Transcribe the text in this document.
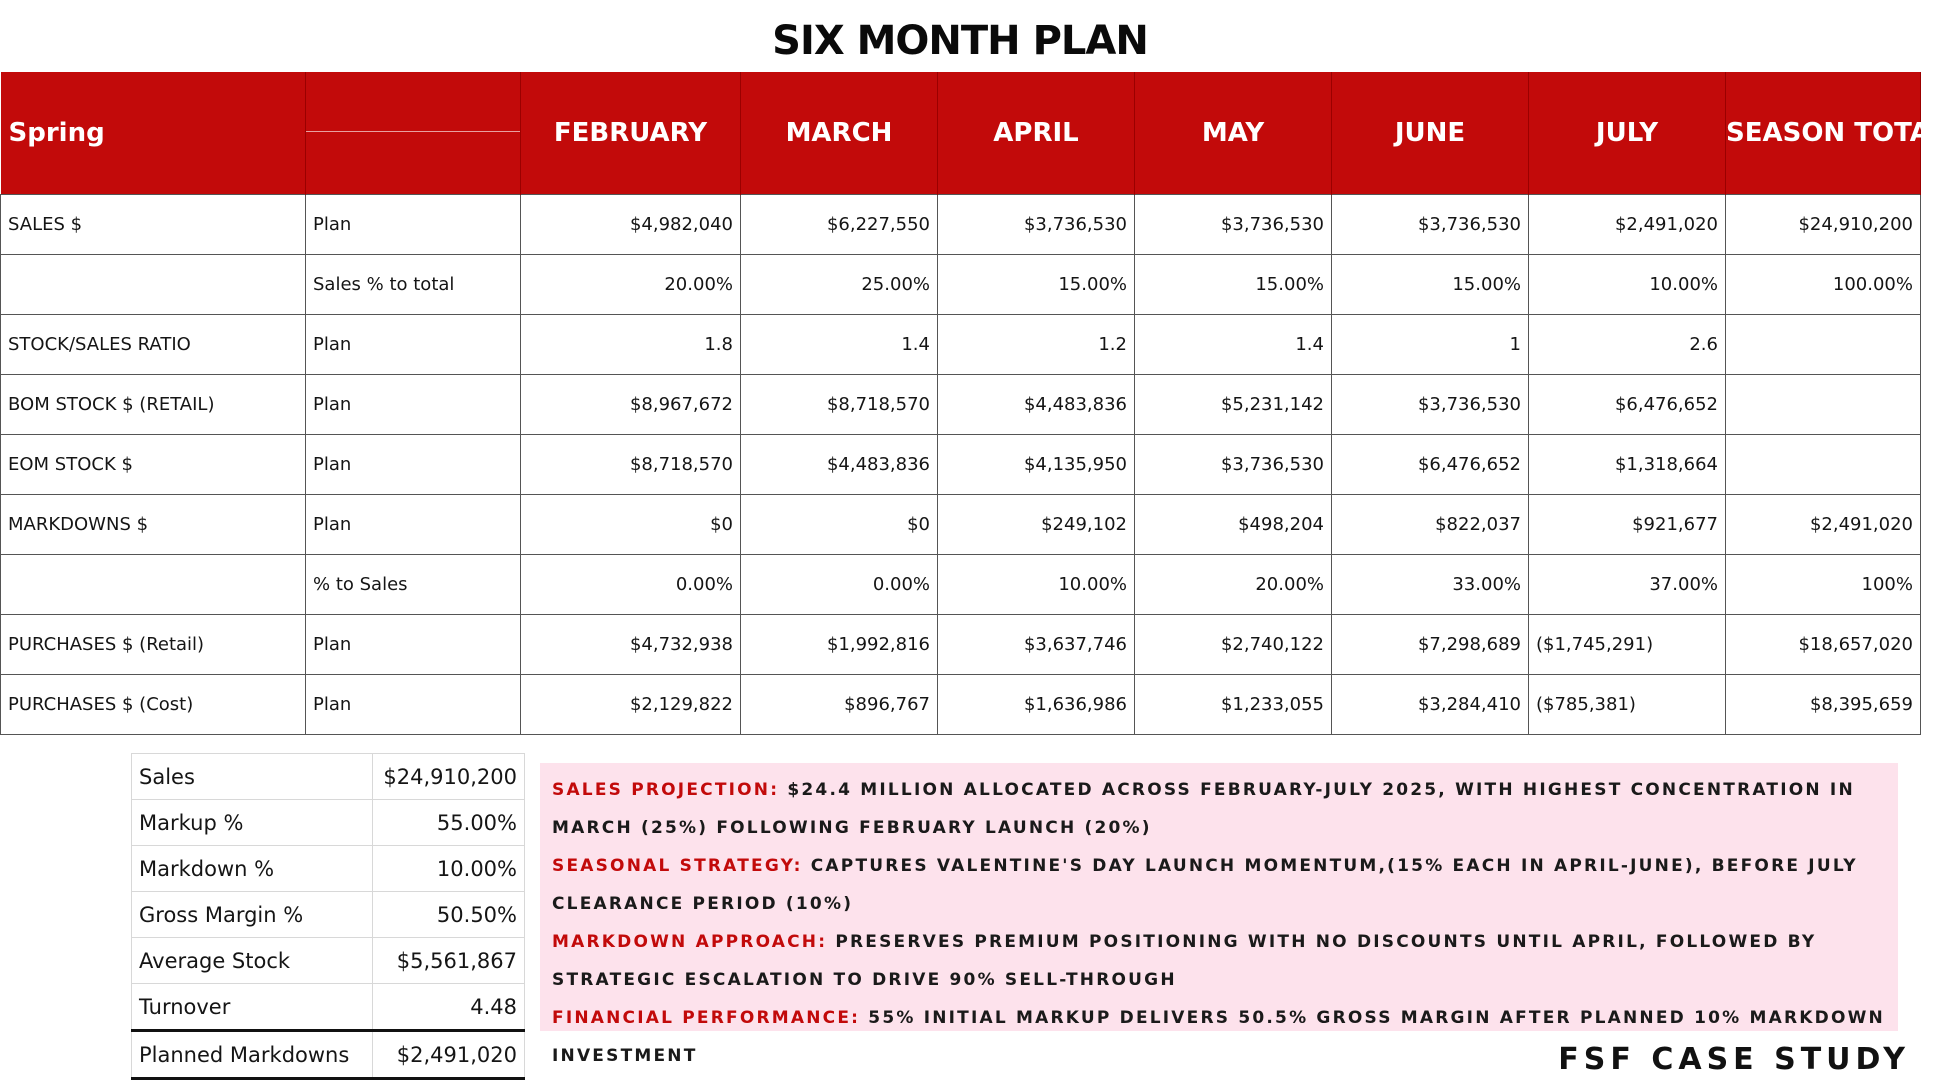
SIX MONTH PLAN
Spring		FEBRUARY	MARCH	APRIL	MAY	JUNE	JULY	SEASON TOTAL
SALES $	Plan	$4,982,040	$6,227,550	$3,736,530	$3,736,530	$3,736,530	$2,491,020	$24,910,200
	Sales % to total	20.00%	25.00%	15.00%	15.00%	15.00%	10.00%	100.00%
STOCK/SALES RATIO	Plan	1.8	1.4	1.2	1.4	1	2.6	
BOM STOCK $ (RETAIL)	Plan	$8,967,672	$8,718,570	$4,483,836	$5,231,142	$3,736,530	$6,476,652	
EOM STOCK $	Plan	$8,718,570	$4,483,836	$4,135,950	$3,736,530	$6,476,652	$1,318,664	
MARKDOWNS $	Plan	$0	$0	$249,102	$498,204	$822,037	$921,677	$2,491,020
	% to Sales	0.00%	0.00%	10.00%	20.00%	33.00%	37.00%	100%
PURCHASES $ (Retail)	Plan	$4,732,938	$1,992,816	$3,637,746	$2,740,122	$7,298,689	($1,745,291)	$18,657,020
PURCHASES $ (Cost)	Plan	$2,129,822	$896,767	$1,636,986	$1,233,055	$3,284,410	($785,381)	$8,395,659
Sales	$24,910,200
Markup %	55.00%
Markdown %	10.00%
Gross Margin %	50.50%
Average Stock	$5,561,867
Turnover	4.48
Planned Markdowns	$2,491,020

SALES PROJECTION: $24.4 MILLION ALLOCATED ACROSS FEBRUARY-JULY 2025, WITH HIGHEST CONCENTRATION IN MARCH (25%) FOLLOWING FEBRUARY LAUNCH (20%)

SEASONAL STRATEGY: CAPTURES VALENTINE'S DAY LAUNCH MOMENTUM,(15% EACH IN APRIL-JUNE), BEFORE JULY CLEARANCE PERIOD (10%)

MARKDOWN APPROACH: PRESERVES PREMIUM POSITIONING WITH NO DISCOUNTS UNTIL APRIL, FOLLOWED BY STRATEGIC ESCALATION TO DRIVE 90% SELL-THROUGH

FINANCIAL PERFORMANCE: 55% INITIAL MARKUP DELIVERS 50.5% GROSS MARGIN AFTER PLANNED 10% MARKDOWN INVESTMENT	FSF CASE STUDY
